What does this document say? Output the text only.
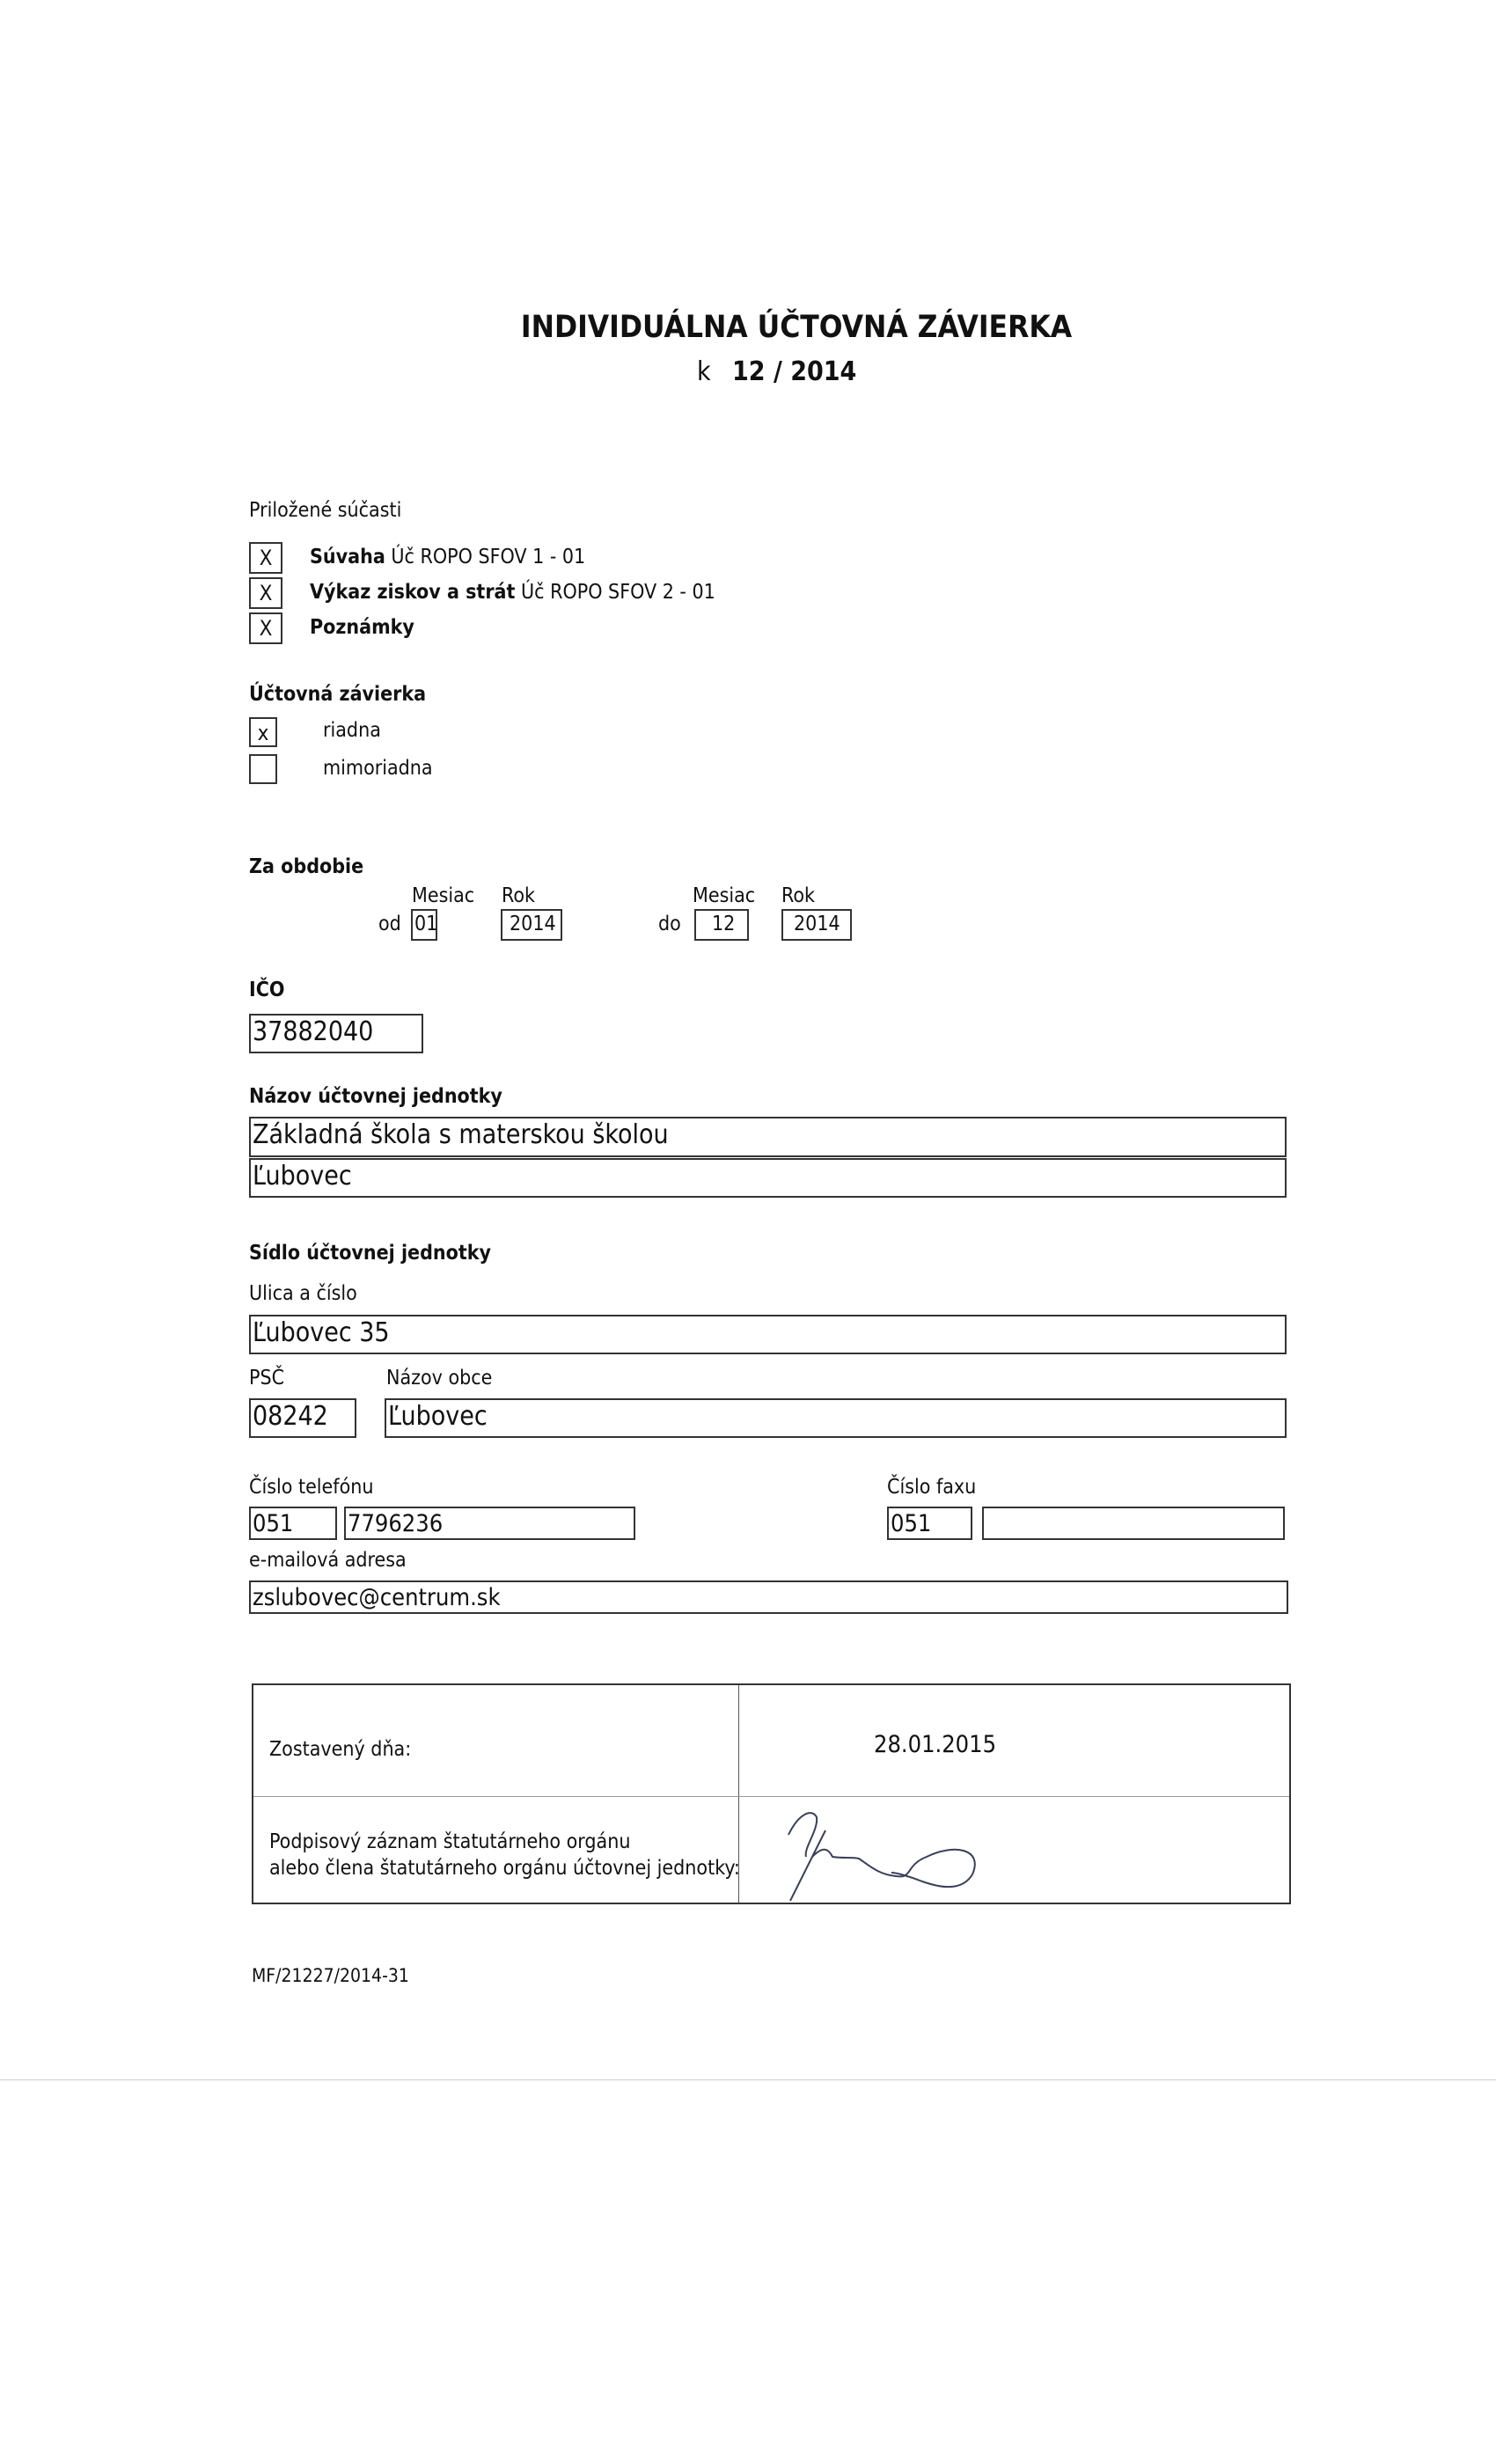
INDIVIDUÁLNA ÚČTOVNÁ ZÁVIERKA
k 12 / 2014
Priložené súčasti
X	Súvaha Úč ROPO SFOV 1 - 01
X	Výkaz ziskov a strát Úč ROPO SFOV 2 - 01
X	Poznámky
Účtovná závierka
x	riadna
mimoriadna
Za obdobie
Mesiac Rok	Mesiac Rok
od 01	2014	do	12	2014
IČO
37882040
Názov účtovnej jednotky
Základná škola s materskou školou
Ľubovec
Sídlo účtovnej jednotky
Ulica a číslo
Ľubovec 35
PSČ	Názov obce
08242	Ľubovec
Číslo telefónu
051	7796236
Číslo faxu
051
e-mailová adresa
zslubovec@centrum.sk
Zostavený dňa:	28.01.2015
Podpisový záznam štatutárneho orgánu
alebo člena štatutárneho orgánu účtovnej jednotky:
MF/21227/2014-31
